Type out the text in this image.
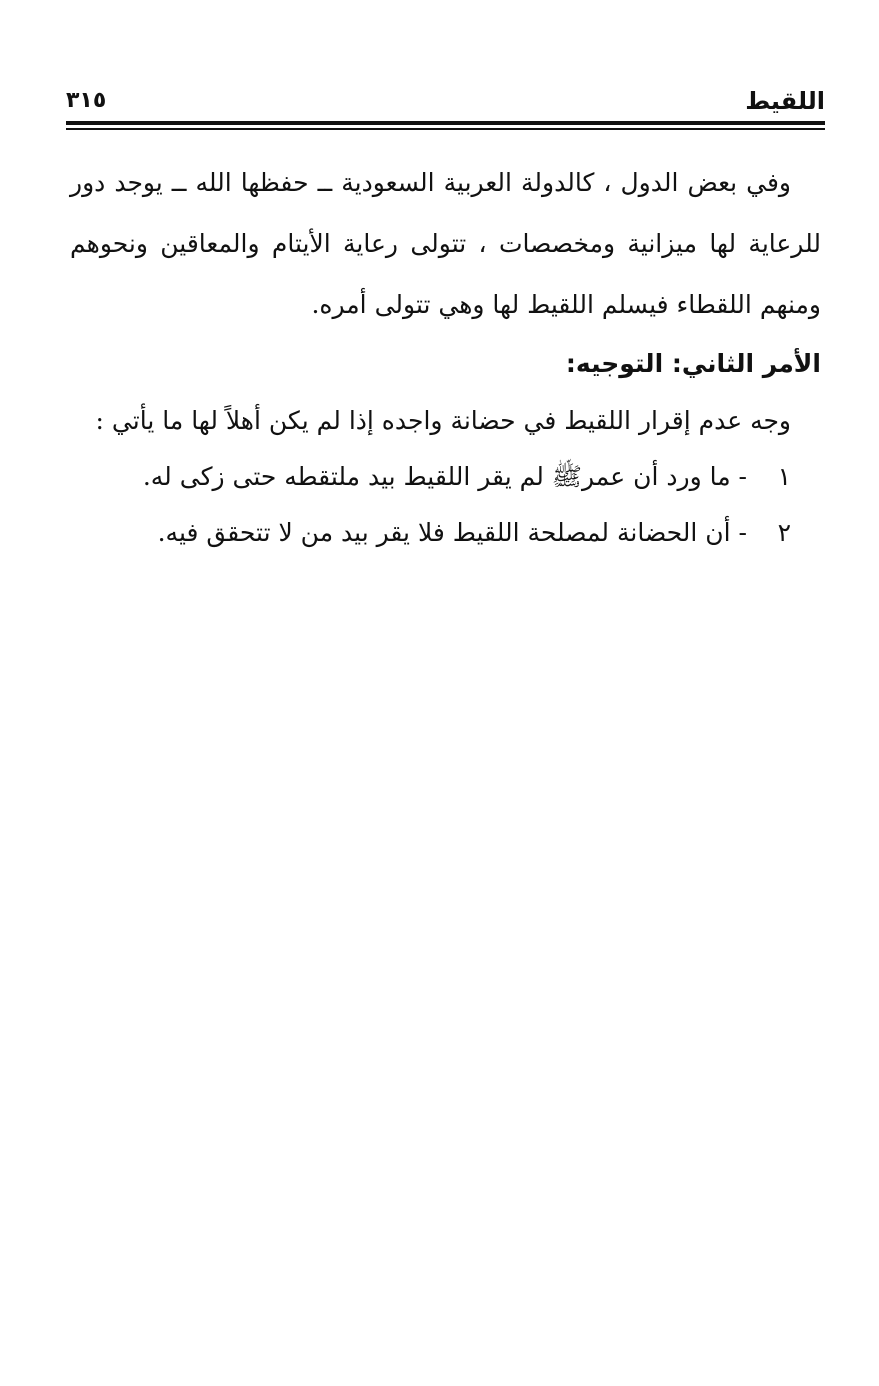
اللقيط
٣١٥

وفي بعض الدول ، كالدولة العربية السعودية ــ حفظها الله ــ يوجد دور للرعاية لها ميزانية ومخصصات ، تتولى رعاية الأيتام والمعاقين ونحوهم ومنهم اللقطاء فيسلم اللقيط لها وهي تتولى أمره.

الأمر الثاني: التوجيه:

وجه عدم إقرار اللقيط في حضانة واجده إذا لم يكن أهلاً لها ما يأتي :

١
- ما ورد أن عمرﷺ لم يقر اللقيط بيد ملتقطه حتى زكى له.

٢
- أن الحضانة لمصلحة اللقيط فلا يقر بيد من لا تتحقق فيه.
